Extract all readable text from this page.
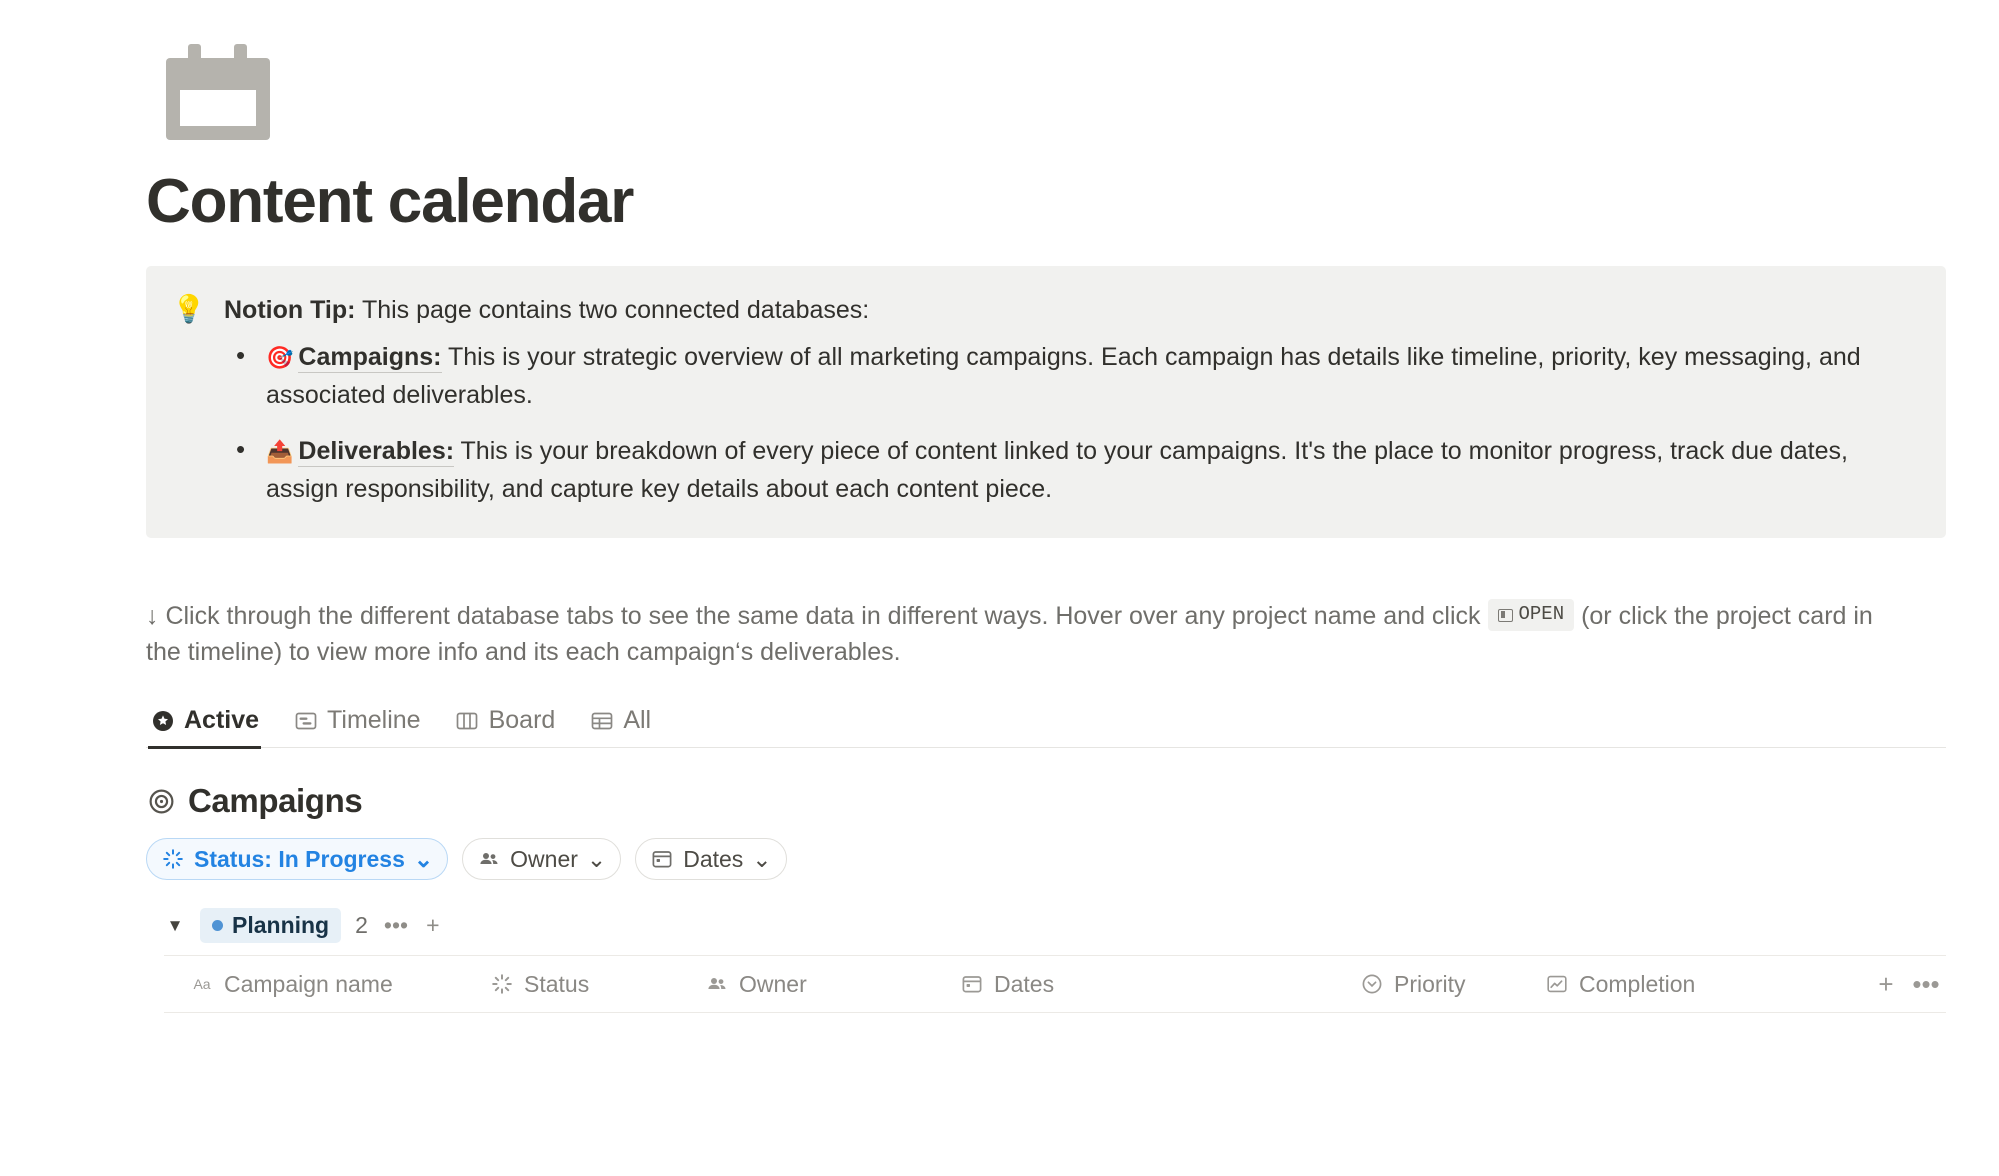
Content calendar
💡 Notion Tip: This page contains two connected databases:

• 🎯 Campaigns: This is your strategic overview of all marketing campaigns. Each campaign has details like timeline, priority, key messaging, and associated deliverables.
• 📤 Deliverables: This is your breakdown of every piece of content linked to your campaigns. It's the place to monitor progress, track due dates, assign responsibility, and capture key details about each content piece.
↓ Click through the different database tabs to see the same data in different ways. Hover over any project name and click OPEN (or click the project card in the timeline) to view more info and its each campaign‘s deliverables.
Active	Timeline	Board	All
Campaigns
Status: In Progress ⌄	Owner ⌄	Dates ⌄
▼ Planning 2 ••• +
Aa Campaign name	Status	Owner	Dates	Priority	Completion	+ •••
